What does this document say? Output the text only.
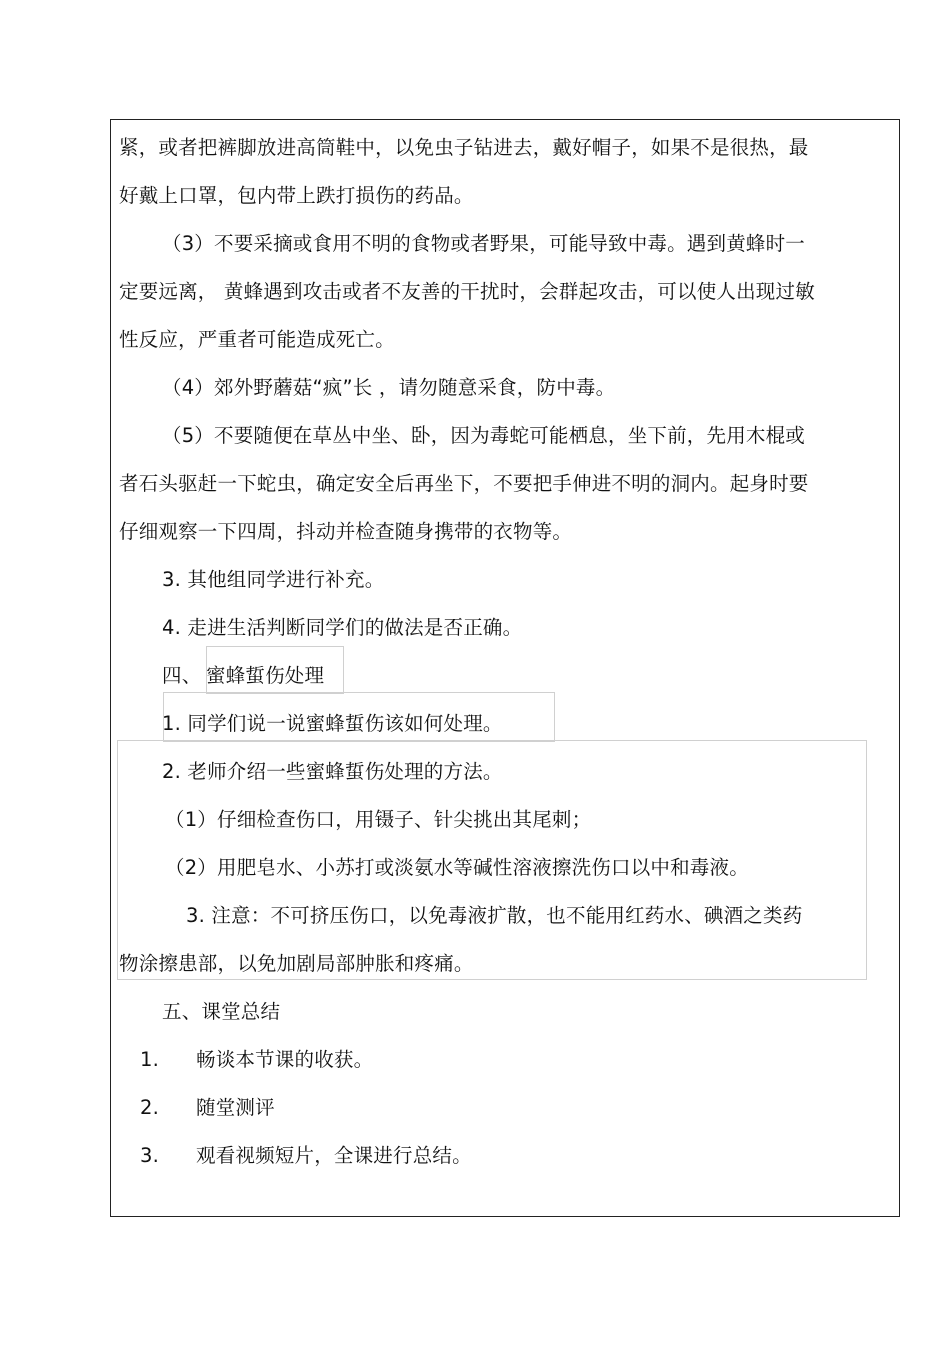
紧，或者把裤脚放进高筒鞋中，以免虫子钻进去，戴好帽子，如果不是很热，最
好戴上口罩，包内带上跌打损伤的药品。
（3）不要采摘或食用不明的食物或者野果，可能导致中毒。遇到黄蜂时一
定要远离， 黄蜂遇到攻击或者不友善的干扰时，会群起攻击，可以使人出现过敏
性反应，严重者可能造成死亡。
（4）郊外野蘑菇“疯”长 ，请勿随意采食，防中毒。
（5）不要随便在草丛中坐、卧，因为毒蛇可能栖息，坐下前，先用木棍或
者石头驱赶一下蛇虫，确定安全后再坐下，不要把手伸进不明的洞内。起身时要
仔细观察一下四周，抖动并检查随身携带的衣物等。
3. 其他组同学进行补充。
4. 走进生活判断同学们的做法是否正确。
四、 蜜蜂蜇伤处理
1. 同学们说一说蜜蜂蜇伤该如何处理。
2. 老师介绍一些蜜蜂蜇伤处理的方法。
（1）仔细检查伤口，用镊子、针尖挑出其尾刺；
（2）用肥皂水、小苏打或淡氨水等碱性溶液擦洗伤口以中和毒液。
3. 注意：不可挤压伤口，以免毒液扩散，也不能用红药水、碘酒之类药
物涂擦患部，以免加剧局部肿胀和疼痛。
五、课堂总结
1. 畅谈本节课的收获。
2. 随堂测评
3. 观看视频短片，全课进行总结。
